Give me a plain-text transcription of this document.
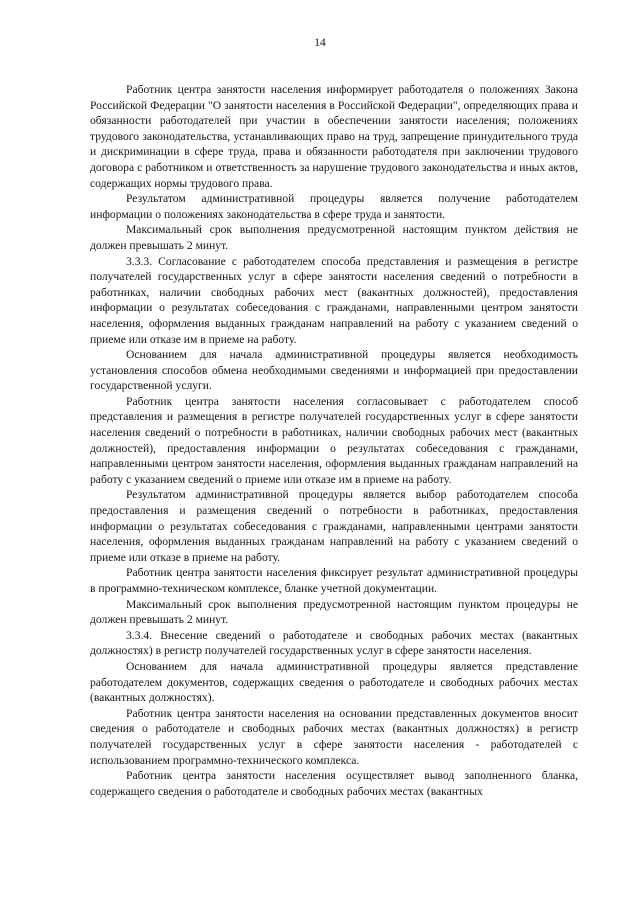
14

Работник центра занятости населения информирует работодателя о положениях Закона Российской Федерации "О занятости населения в Российской Федерации", определяющих права и обязанности работодателей при участии в обеспечении занятости населения; положениях трудового законодательства, устанавливающих право на труд, запрещение принудительного труда и дискриминации в сфере труда, права и обязанности работодателя при заключении трудового договора с работником и ответственность за нарушение трудового законодательства и иных актов, содержащих нормы трудового права.

Результатом административной процедуры является получение работодателем информации о положениях законодательства в сфере труда и занятости.

Максимальный срок выполнения предусмотренной настоящим пунктом действия не должен превышать 2 минут.

3.3.3. Согласование с работодателем способа представления и размещения в регистре получателей государственных услуг в сфере занятости населения сведений о потребности в работниках, наличии свободных рабочих мест (вакантных должностей), предоставления информации о результатах собеседования с гражданами, направленными центром занятости населения, оформления выданных гражданам направлений на работу с указанием сведений о приеме или отказе им в приеме на работу.

Основанием для начала административной процедуры является необходимость установления способов обмена необходимыми сведениями и информацией при предоставлении государственной услуги.

Работник центра занятости населения согласовывает с работодателем способ представления и размещения в регистре получателей государственных услуг в сфере занятости населения сведений о потребности в работниках, наличии свободных рабочих мест (вакантных должностей), предоставления информации о результатах собеседования с гражданами, направленными центром занятости населения, оформления выданных гражданам направлений на работу с указанием сведений о приеме или отказе им в приеме на работу.

Результатом административной процедуры является выбор работодателем способа предоставления и размещения сведений о потребности в работниках, предоставления информации о результатах собеседования с гражданами, направленными центрами занятости населения, оформления выданных гражданам направлений на работу с указанием сведений о приеме или отказе в приеме на работу.

Работник центра занятости населения фиксирует результат административной процедуры в программно-техническом комплексе, бланке учетной документации.

Максимальный срок выполнения предусмотренной настоящим пунктом процедуры не должен превышать 2 минут.

3.3.4. Внесение сведений о работодателе и свободных рабочих местах (вакантных должностях) в регистр получателей государственных услуг в сфере занятости населения.

Основанием для начала административной процедуры является представление работодателем документов, содержащих сведения о работодателе и свободных рабочих местах (вакантных должностях).

Работник центра занятости населения на основании представленных документов вносит сведения о работодателе и свободных рабочих местах (вакантных должностях) в регистр получателей государственных услуг в сфере занятости населения - работодателей с использованием программно-технического комплекса.

Работник центра занятости населения осуществляет вывод заполненного бланка, содержащего сведения о работодателе и свободных рабочих местах (вакантных
